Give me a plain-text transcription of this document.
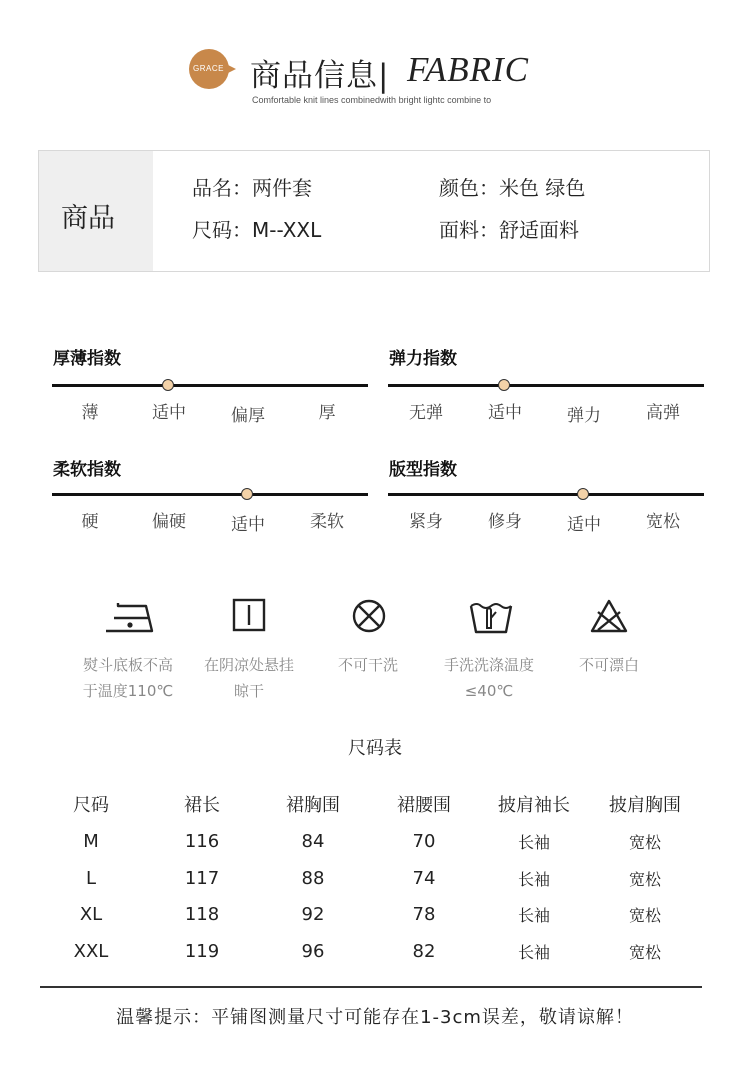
GRACE 商品信息| FABRIC
Comfortable knit lines combinedwith bright lightc combine to
商品
品名：两件套	颜色：米色 绿色
尺码：M--XXL	面料：舒适面料
厚薄指数
薄	适中	偏厚	厚
弹力指数
无弹	适中	弹力	高弹
柔软指数
硬	偏硬	适中	柔软
版型指数
紧身	修身	适中	宽松
熨斗底板不高
于温度110℃
在阴凉处悬挂
晾干
不可干洗	手洗洗涤温度
≤40℃
不可漂白
尺码表
尺码	裙长	裙胸围	裙腰围	披肩袖长	披肩胸围
M	116	84	70	长袖	宽松
L	117	88	74	长袖	宽松
XL	118	92	78	长袖	宽松
XXL	119	96	82	长袖	宽松
温馨提示：平铺图测量尺寸可能存在1-3cm误差，敬请谅解！
